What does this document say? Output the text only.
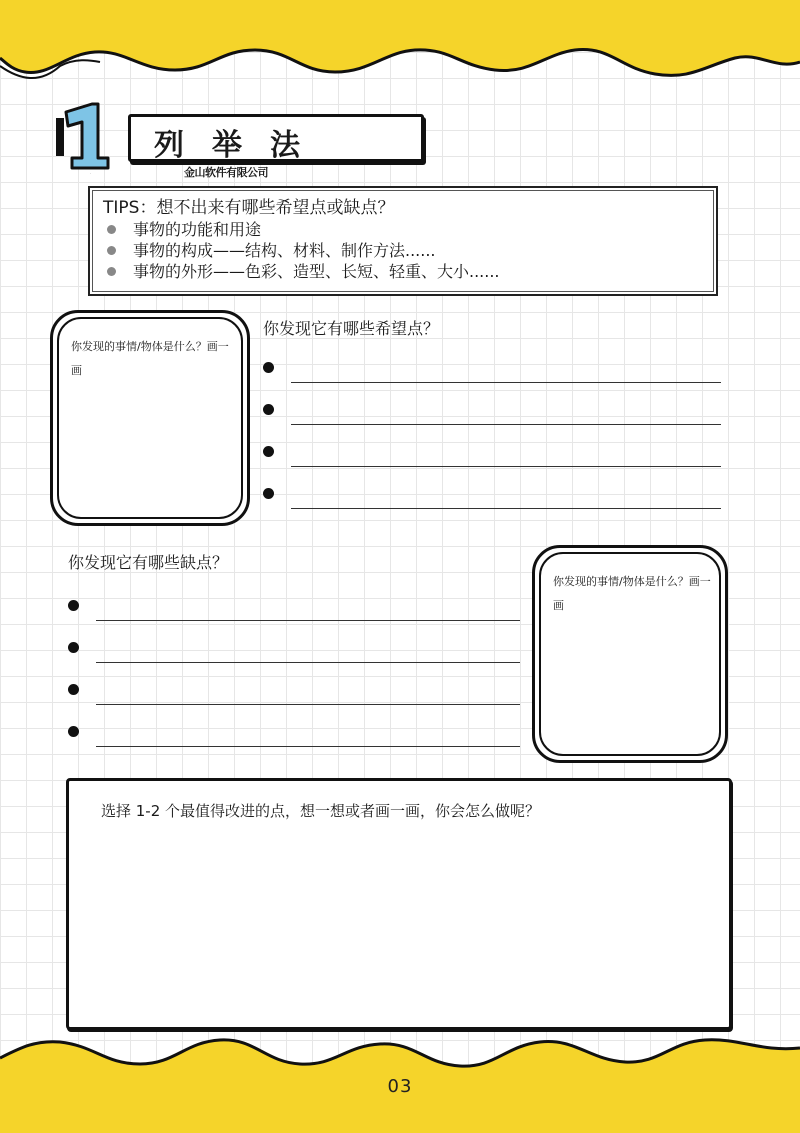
1
列举法
金山软件有限公司
TIPS：想不出来有哪些希望点或缺点？
事物的功能和用途
事物的构成——结构、材料、制作方法......
事物的外形——色彩、造型、长短、轻重、大小......
你发现的事情/物体是什么？画一画
你发现它有哪些希望点？
你发现它有哪些缺点？
你发现的事情/物体是什么？画一画
选择 1-2 个最值得改进的点，想一想或者画一画，你会怎么做呢？
03
